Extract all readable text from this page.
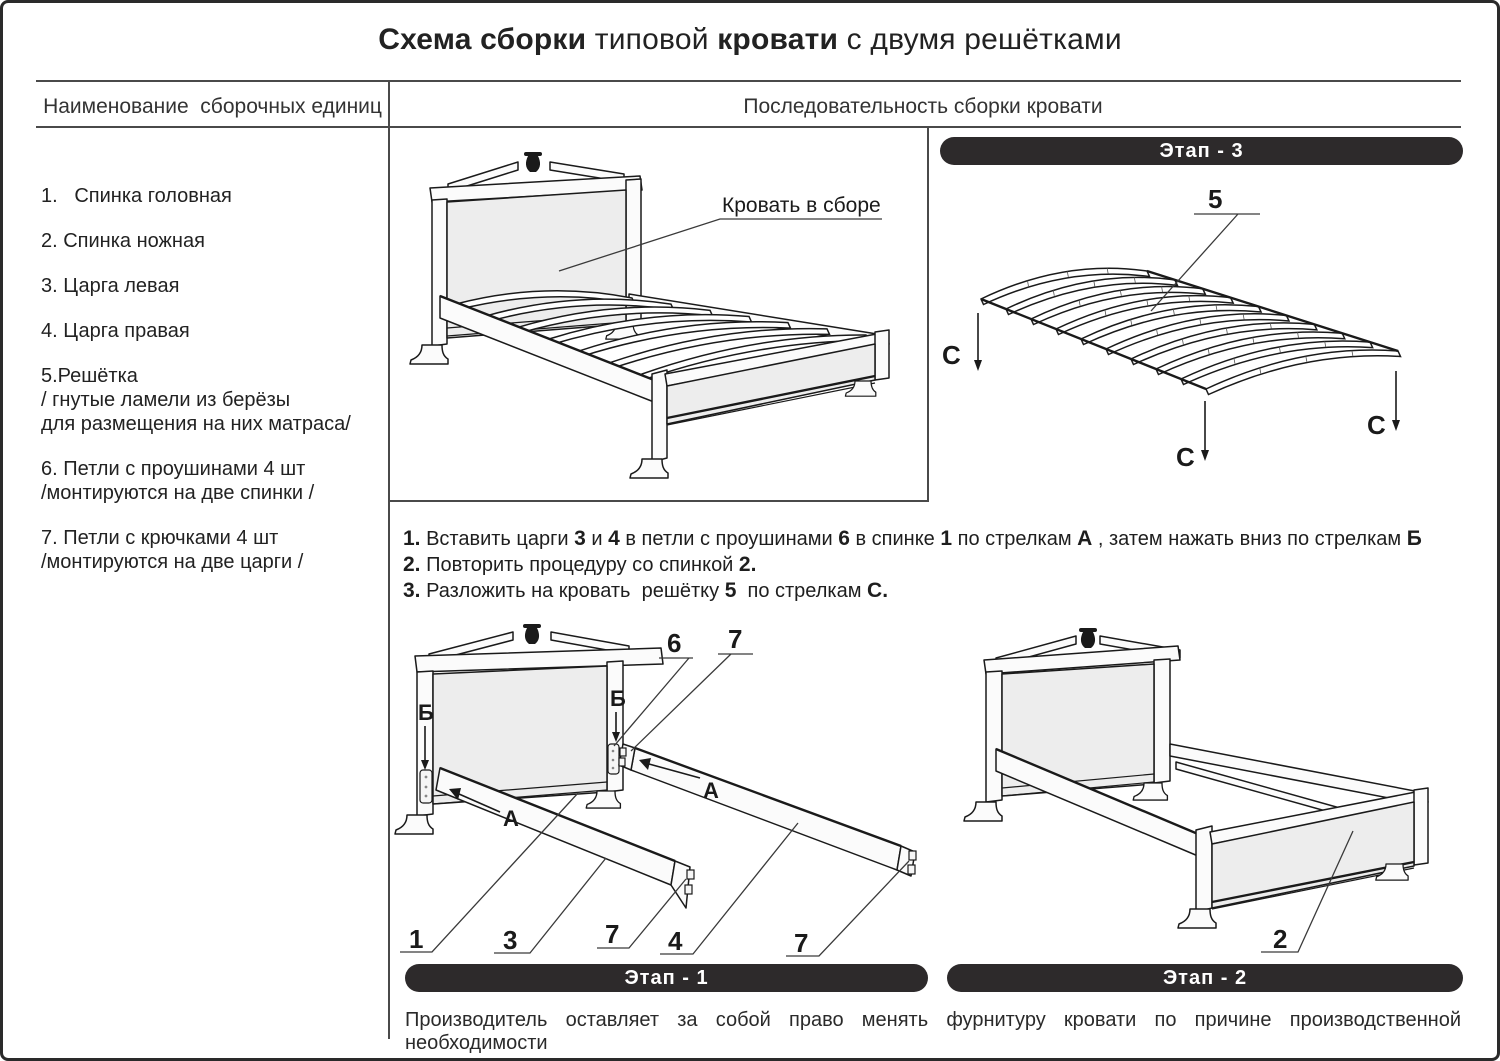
Схема сборки типовой кровати с двумя решётками
Наименование  сборочных единиц	Последовательность сборки кровати
1.   Спинка головная
2. Спинка ножная
3. Царга левая
4. Царга правая
5.Решётка
/ гнутые ламели из берёзы
для размещения на них матраса/
6. Петли с проушинами 4 шт
/монтируются на две спинки /
7. Петли с крючками 4 шт
/монтируются на две царги /
Этап - 3
Этап - 1	Этап - 2
1. Вставить царги 3 и 4 в петли с проушинами 6 в спинке 1 по стрелкам А , затем нажать вниз по стрелкам Б
2. Повторить процедуру со спинкой 2.
3. Разложить на кровать  решётку 5  по стрелкам С.
Производитель оставляет за собой право менять фурнитуру кровати по причине производственной необходимости
Кровать в сборе	5
С
С
С
Б
Б
А
А
6 7
1	3	7 4	7	2
